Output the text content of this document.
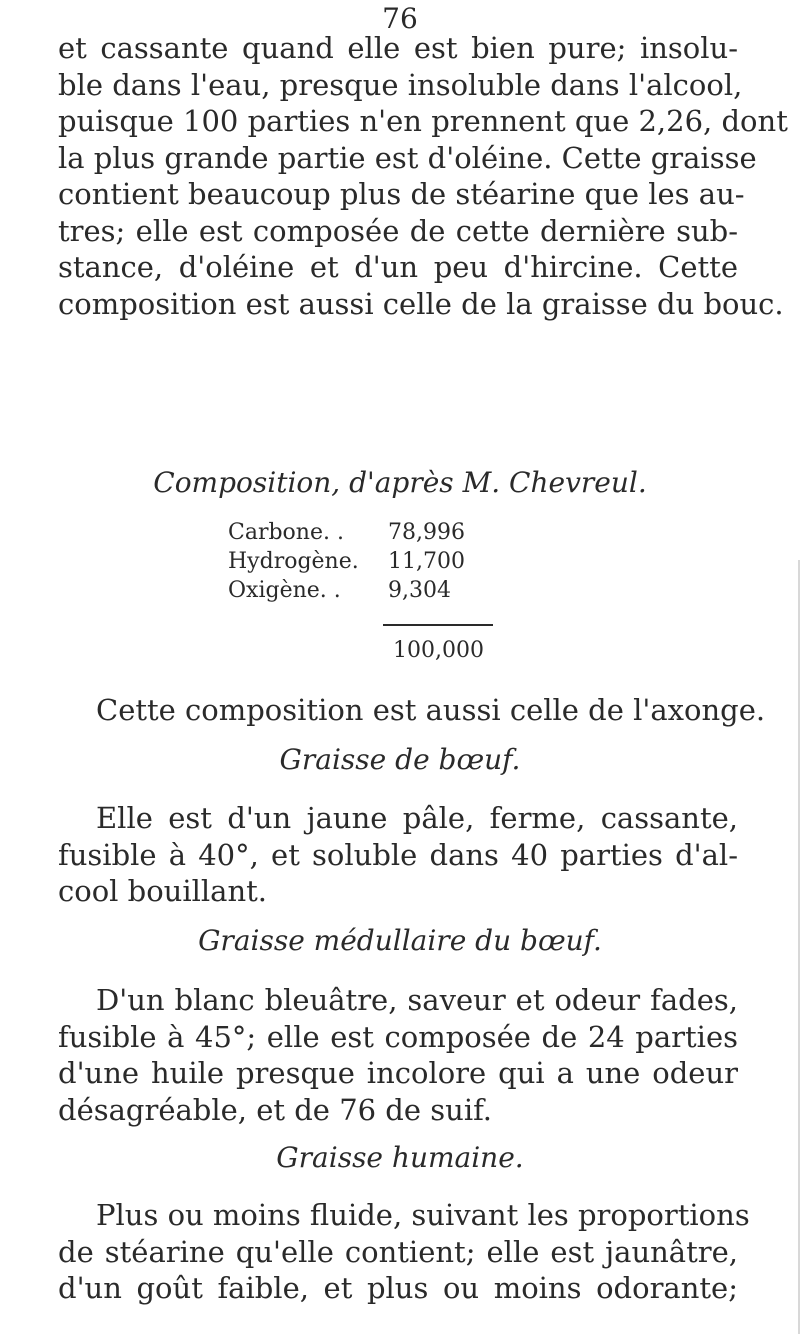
76
et cassante quand elle est bien pure; insolu-
ble dans l'eau, presque insoluble dans l'alcool,
puisque 100 parties n'en prennent que 2,26, dont
la plus grande partie est d'oléine. Cette graisse
contient beaucoup plus de stéarine que les au-
tres; elle est composée de cette dernière sub-
stance, d'oléine et d'un peu d'hircine. Cette
composition est aussi celle de la graisse du bouc.
Composition, d'après M. Chevreul.
Carbone. . 78,996
Hydrogène. 11,700
Oxigène. . 9,304
100,000
Cette composition est aussi celle de l'axonge.
Graisse de bœuf.
Elle est d'un jaune pâle, ferme, cassante,
fusible à 40°, et soluble dans 40 parties d'al-
cool bouillant.
Graisse médullaire du bœuf.
D'un blanc bleuâtre, saveur et odeur fades,
fusible à 45°; elle est composée de 24 parties
d'une huile presque incolore qui a une odeur
désagréable, et de 76 de suif.
Graisse humaine.
Plus ou moins fluide, suivant les proportions
de stéarine qu'elle contient; elle est jaunâtre,
d'un goût faible, et plus ou moins odorante;
